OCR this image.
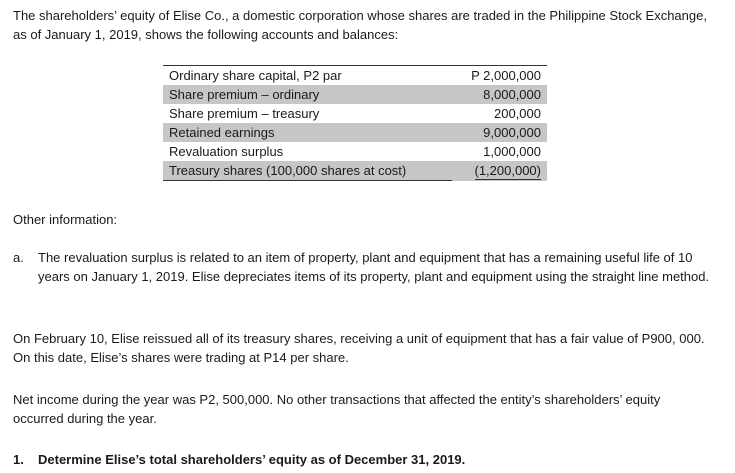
The shareholders’ equity of Elise Co., a domestic corporation whose shares are traded in the Philippine Stock Exchange, as of January 1, 2019, shows the following accounts and balances:

Ordinary share capital, P2 par	P 2,000,000
Share premium – ordinary	8,000,000
Share premium – treasury	200,000
Retained earnings	9,000,000
Revaluation surplus	1,000,000
Treasury shares (100,000 shares at cost)	(1,200,000)

Other information:

a. The revaluation surplus is related to an item of property, plant and equipment that has a remaining useful life of 10 years on January 1, 2019. Elise depreciates items of its property, plant and equipment using the straight line method.

On February 10, Elise reissued all of its treasury shares, receiving a unit of equipment that has a fair value of P900, 000. On this date, Elise’s shares were trading at P14 per share.

Net income during the year was P2, 500,000. No other transactions that affected the entity’s shareholders’ equity occurred during the year.

1. Determine Elise’s total shareholders’ equity as of December 31, 2019.
